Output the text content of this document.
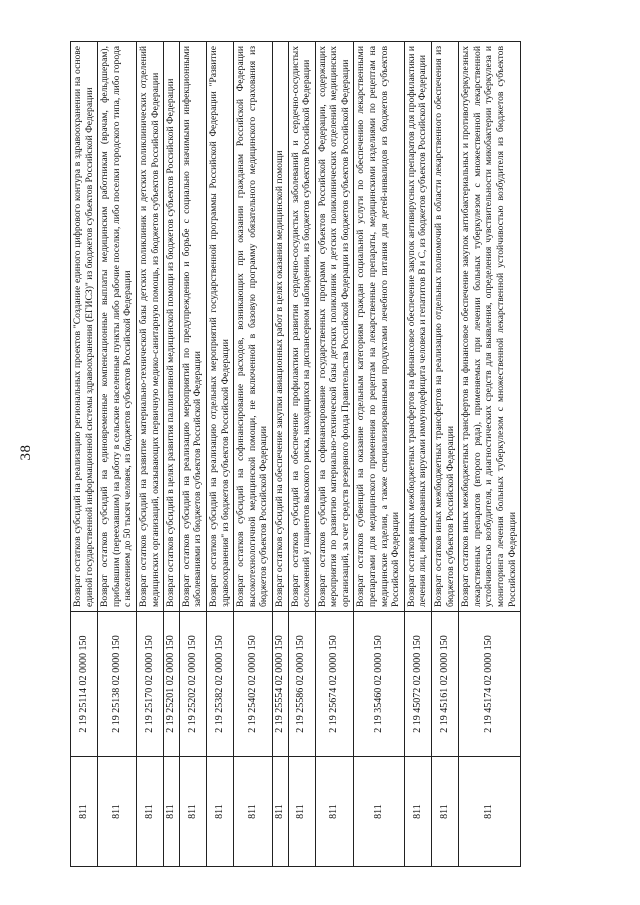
38
811	2 19 25114 02 0000 150	Возврат остатков субсидий на реализацию региональных проектов "Создание единого цифрового контура в здравоохранении на основе единой государственной информационной системы здравоохранения (ЕГИСЗ)" из бюджетов субъектов Российской Федерации
811	2 19 25138 02 0000 150	Возврат остатков субсидий на единовременные компенсационные выплаты медицинским работникам (врачам, фельдшерам), прибывшим (переехавшим) на работу в сельские населенные пункты либо рабочие поселки, либо поселки городского типа, либо города с населением до 50 тысяч человек, из бюджетов субъектов Российской Федерации
811	2 19 25170 02 0000 150	Возврат остатков субсидий на развитие материально-технической базы детских поликлиник и детских поликлинических отделений медицинских организаций, оказывающих первичную медико-санитарную помощь, из бюджетов субъектов Российской Федерации
811	2 19 25201 02 0000 150	Возврат остатков субсидий в целях развития паллиативной медицинской помощи из бюджетов субъектов Российской Федерации
811	2 19 25202 02 0000 150	Возврат остатков субсидий на реализацию мероприятий по предупреждению и борьбе с социально значимыми инфекционными заболеваниями из бюджетов субъектов Российской Федерации
811	2 19 25382 02 0000 150	Возврат остатков субсидий на реализацию отдельных мероприятий государственной программы Российской Федерации "Развитие здравоохранения" из бюджетов субъектов Российской Федерации
811	2 19 25402 02 0000 150	Возврат остатков субсидий на софинансирование расходов, возникающих при оказании гражданам Российской Федерации высокотехнологичной медицинской помощи, не включенной в базовую программу обязательного медицинского страхования из бюджетов субъектов Российской Федерации
811	2 19 25554 02 0000 150	Возврат остатков субсидий на обеспечение закупки авиационных работ в целях оказания медицинской помощи
811	2 19 25586 02 0000 150	Возврат остатков субсидий на обеспечение профилактики развития сердечно-сосудистых заболеваний и сердечно-сосудистых осложнений у пациентов высокого риска, находящихся на диспансерном наблюдении, из бюджетов субъектов Российской Федерации
811	2 19 25674 02 0000 150	Возврат остатков субсидий на софинансирование государственных программ субъектов Российской Федерации, содержащих мероприятия по развитию материально-технической базы детских поликлиник и детских поликлинических отделений медицинских организаций, за счет средств резервного фонда Правительства Российской Федерации из бюджетов субъектов Российской Федерации
811	2 19 35460 02 0000 150	Возврат остатков субвенций на оказание отдельным категориям граждан социальной услуги по обеспечению лекарственными препаратами для медицинского применения по рецептам на лекарственные препараты, медицинскими изделиями по рецептам на медицинские изделия, а также специализированными продуктами лечебного питания для детей-инвалидов из бюджетов субъектов Российской Федерации
811	2 19 45072 02 0000 150	Возврат остатков иных межбюджетных трансфертов на финансовое обеспечение закупок антивирусных препаратов для профилактики и лечения лиц, инфицированных вирусами иммунодефицита человека и гепатитов B и C, из бюджетов субъектов Российской Федерации
811	2 19 45161 02 0000 150	Возврат остатков иных межбюджетных трансфертов на реализацию отдельных полномочий в области лекарственного обеспечения из бюджетов субъектов Российской Федерации
811	2 19 45174 02 0000 150	Возврат остатков иных межбюджетных трансфертов на финансовое обеспечение закупок антибактериальных и противотуберкулезных лекарственных препаратов (второго ряда), применяемых при лечении больных туберкулезом с множественной лекарственной устойчивостью возбудителя, и диагностических средств для выявления, определения чувствительности микобактерии туберкулеза и мониторинга лечения больных туберкулезом с множественной лекарственной устойчивостью возбудителя из бюджетов субъектов Российской Федерации
